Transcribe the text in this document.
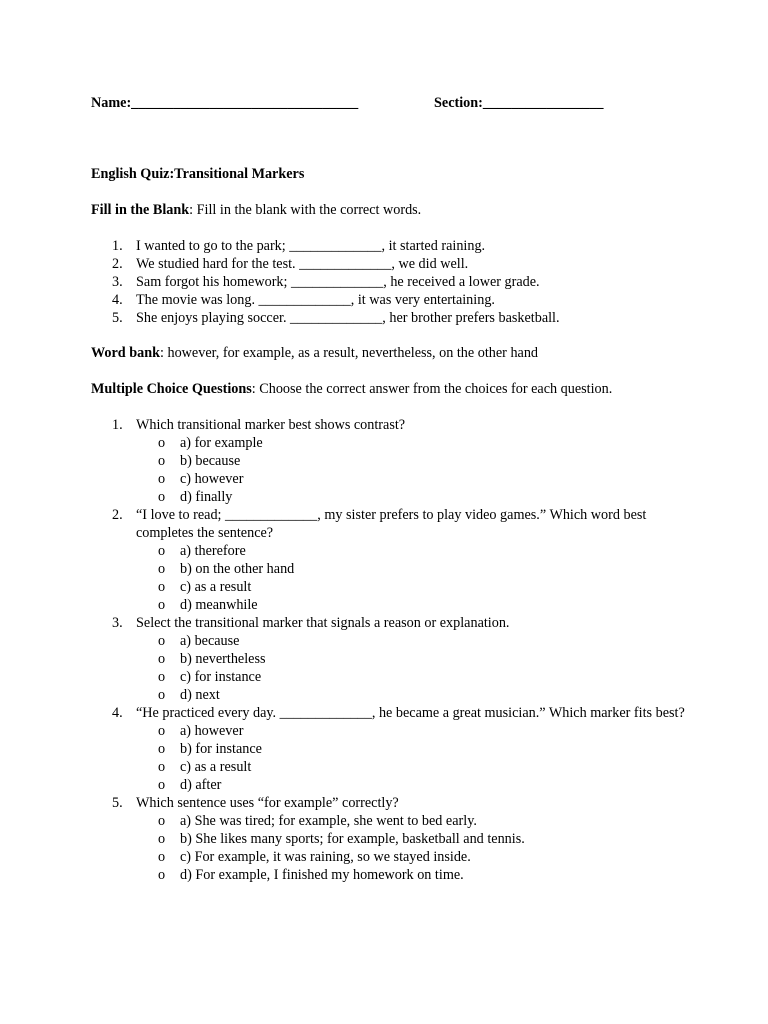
Name:________________________________	Section:_________________
English Quiz:Transitional Markers
Fill in the Blank: Fill in the blank with the correct words.
1. I wanted to go to the park; _____________, it started raining.
2. We studied hard for the test. _____________, we did well.
3. Sam forgot his homework; _____________, he received a lower grade.
4. The movie was long. _____________, it was very entertaining.
5. She enjoys playing soccer. _____________, her brother prefers basketball.
Word bank: however, for example, as a result, nevertheless, on the other hand
Multiple Choice Questions: Choose the correct answer from the choices for each question.
1. Which transitional marker best shows contrast?
o a) for example
o b) because
o c) however
o d) finally
2. “I love to read; _____________, my sister prefers to play video games.” Which word best completes the sentence?
o a) therefore
o b) on the other hand
o c) as a result
o d) meanwhile
3. Select the transitional marker that signals a reason or explanation.
o a) because
o b) nevertheless
o c) for instance
o d) next
4. “He practiced every day. _____________, he became a great musician.” Which marker fits best?
o a) however
o b) for instance
o c) as a result
o d) after
5. Which sentence uses “for example” correctly?
o a) She was tired; for example, she went to bed early.
o b) She likes many sports; for example, basketball and tennis.
o c) For example, it was raining, so we stayed inside.
o d) For example, I finished my homework on time.
